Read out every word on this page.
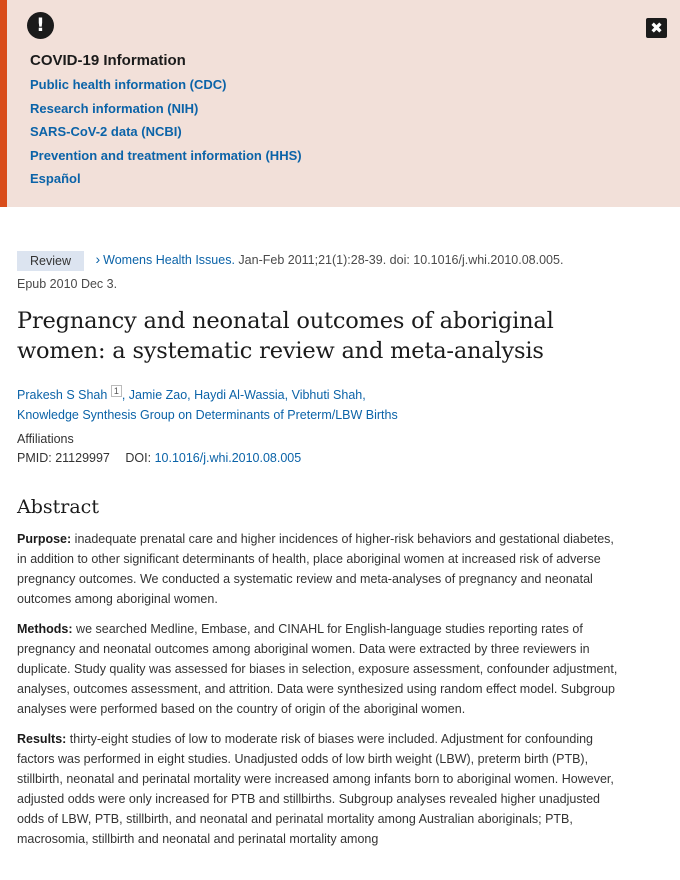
!	✖
COVID-19 Information
Public health information (CDC)
Research information (NIH)
SARS-CoV-2 data (NCBI)
Prevention and treatment information (HHS)
Español
Review › Womens Health Issues. Jan-Feb 2011;21(1):28-39. doi: 10.1016/j.whi.2010.08.005.
Epub 2010 Dec 3.
Pregnancy and neonatal outcomes of aboriginal women: a systematic review and meta-analysis
Prakesh S Shah $^1$ , Jamie Zao, Haydi Al-Wassia, Vibhuti Shah,
Knowledge Synthesis Group on Determinants of Preterm/LBW Births
Affiliations
PMID: 21129997 DOI: 10.1016/j.whi.2010.08.005
Abstract

Purpose: inadequate prenatal care and higher incidences of higher-risk behaviors and gestational diabetes, in addition to other significant determinants of health, place aboriginal women at increased risk of adverse pregnancy outcomes. We conducted a systematic review and meta-analyses of pregnancy and neonatal outcomes among aboriginal women.

Methods: we searched Medline, Embase, and CINAHL for English-language studies reporting rates of pregnancy and neonatal outcomes among aboriginal women. Data were extracted by three reviewers in duplicate. Study quality was assessed for biases in selection, exposure assessment, confounder adjustment, analyses, outcomes assessment, and attrition. Data were synthesized using random effect model. Subgroup analyses were performed based on the country of origin of the aboriginal women.

Results: thirty-eight studies of low to moderate risk of biases were included. Adjustment for confounding factors was performed in eight studies. Unadjusted odds of low birth weight (LBW), preterm birth (PTB), stillbirth, neonatal and perinatal mortality were increased among infants born to aboriginal women. However, adjusted odds were only increased for PTB and stillbirths. Subgroup analyses revealed higher unadjusted odds of LBW, PTB, stillbirth, and neonatal and perinatal mortality among Australian aboriginals; PTB, macrosomia, stillbirth and neonatal and perinatal mortality among
